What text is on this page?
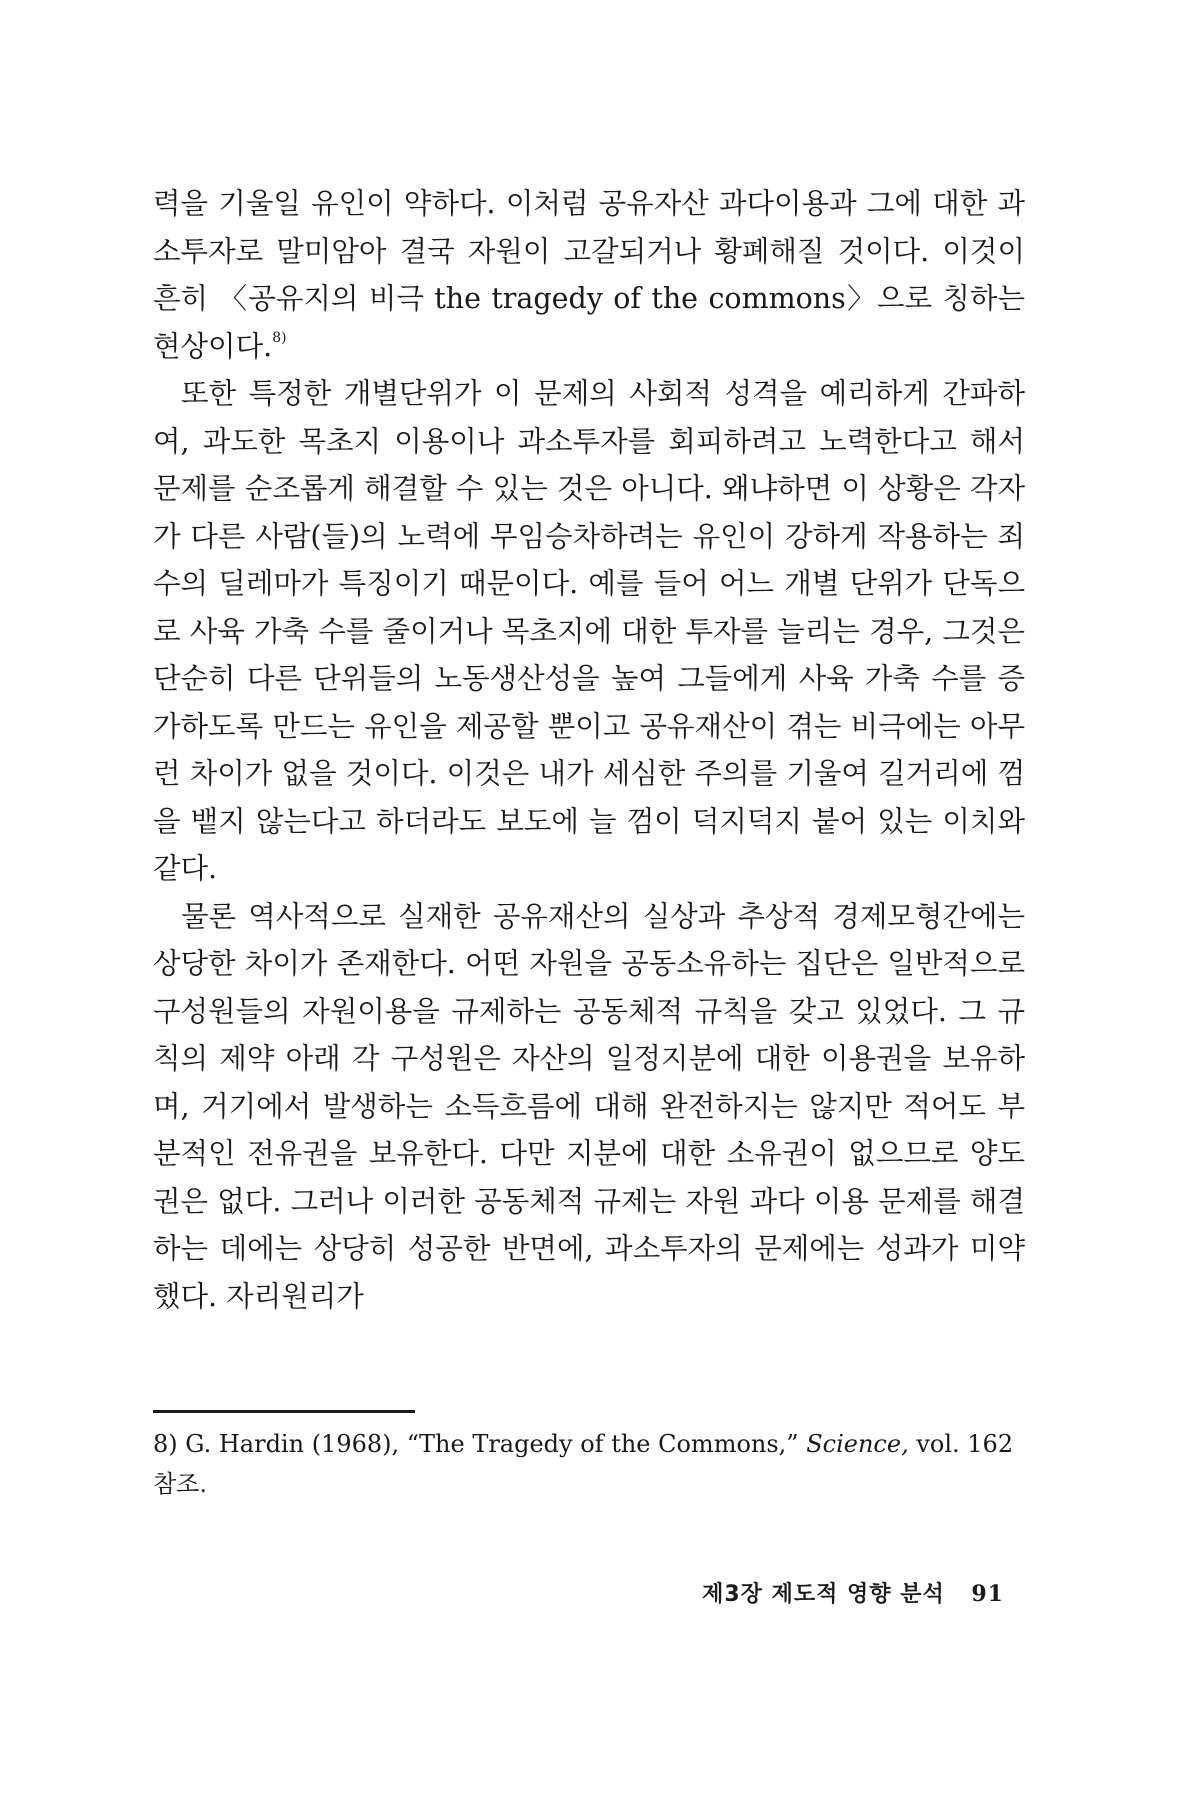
력을 기울일 유인이 약하다. 이처럼 공유자산 과다이용과 그에 대한 과소투자로 말미암아 결국 자원이 고갈되거나 황폐해질 것이다. 이것이 흔히 〈공유지의 비극 the tragedy of the commons〉으로 칭하는 현상이다.$^{8)}$

또한 특정한 개별단위가 이 문제의 사회적 성격을 예리하게 간파하여, 과도한 목초지 이용이나 과소투자를 회피하려고 노력한다고 해서 문제를 순조롭게 해결할 수 있는 것은 아니다. 왜냐하면 이 상황은 각자가 다른 사람(들)의 노력에 무임승차하려는 유인이 강하게 작용하는 죄수의 딜레마가 특징이기 때문이다. 예를 들어 어느 개별 단위가 단독으로 사육 가축 수를 줄이거나 목초지에 대한 투자를 늘리는 경우, 그것은 단순히 다른 단위들의 노동생산성을 높여 그들에게 사육 가축 수를 증가하도록 만드는 유인을 제공할 뿐이고 공유재산이 겪는 비극에는 아무런 차이가 없을 것이다. 이것은 내가 세심한 주의를 기울여 길거리에 껌을 뱉지 않는다고 하더라도 보도에 늘 껌이 덕지덕지 붙어 있는 이치와 같다.

물론 역사적으로 실재한 공유재산의 실상과 추상적 경제모형간에는 상당한 차이가 존재한다. 어떤 자원을 공동소유하는 집단은 일반적으로 구성원들의 자원이용을 규제하는 공동체적 규칙을 갖고 있었다. 그 규칙의 제약 아래 각 구성원은 자산의 일정지분에 대한 이용권을 보유하며, 거기에서 발생하는 소득흐름에 대해 완전하지는 않지만 적어도 부분적인 전유권을 보유한다. 다만 지분에 대한 소유권이 없으므로 양도권은 없다. 그러나 이러한 공동체적 규제는 자원 과다 이용 문제를 해결하는 데에는 상당히 성공한 반면에, 과소투자의 문제에는 성과가 미약했다. 자리원리가

8) G. Hardin (1968), “The Tragedy of the Commons,” Science, vol. 162 참조.
제3장 제도적 영향 분석 91
